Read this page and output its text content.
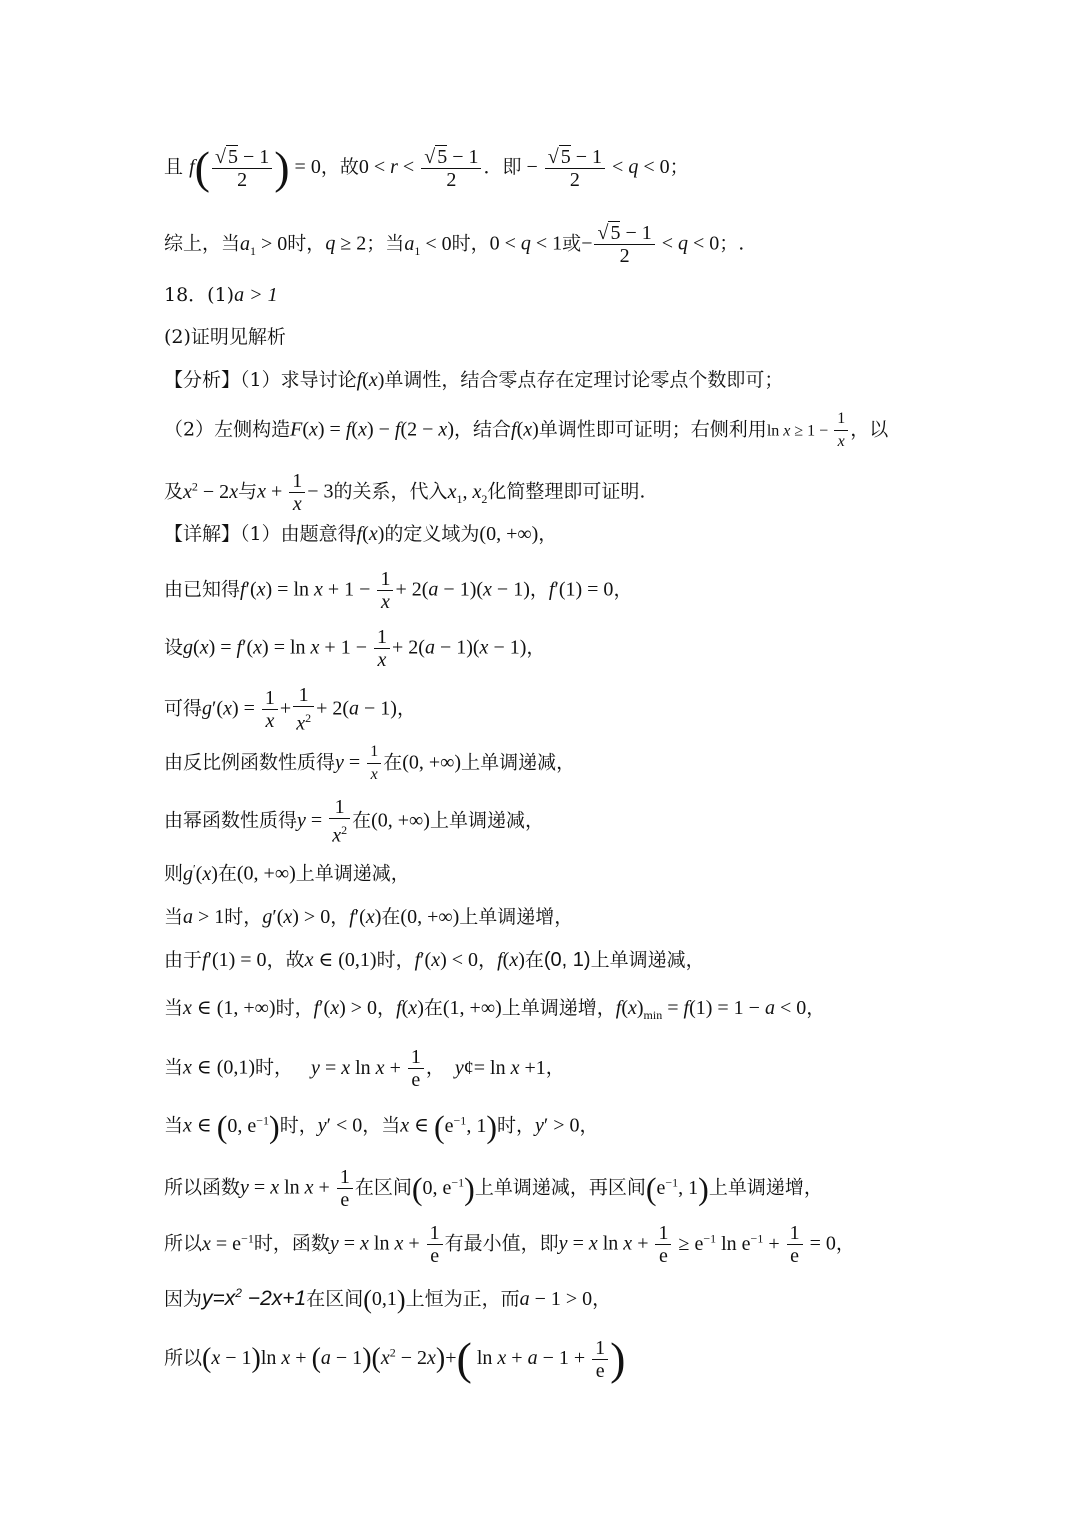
且 $f( \frac{√ 5 - 1}{2}$ ) = 0，故$0 < r < \frac{√ 5 - 1}{2}$ ．即 − $\frac{√ 5 - 1}{2} < q < 0$；
综上，当$a_1 > 0$时，q ≥ 2；当$a_1 < 0$时，0 < q < 1或− $\frac{√ 5 - 1}{2} < q < 0$；.
18．(1)a > 1
(2)证明见解析
【分析】（1）求导讨论f(x)单调性，结合零点存在定理讨论零点个数即可；
（2）左侧构造F(x) = f(x) − f(2 − x)，结合f(x)单调性即可证明；右侧利用$\ln x \ge 1 - \frac{1}{x}$ ，以
及$x^2 - 2x$与$x + \frac{1}{x} - 3$的关系，代入$x_1$, $x_2$化简整理即可证明.
【详解】（1）由题意得f(x)的定义域为(0, +∞)，
由已知得$f'(x) = \ln x + 1 - \frac{1}{x} + 2(a - 1)(x - 1)$，f′(1) = 0，
设$g(x) = f'(x) = \ln x + 1 - \frac{1}{x} + 2(a - 1)(x - 1)$，
可得$g'(x) = \frac{1}{x} + \frac{1}{x^2} + 2(a - 1)$，
由反比例函数性质得$y = \frac{1}{x}$ 在(0, +∞)上单调递减，
由幂函数性质得$y = \frac{1}{x^2}$ 在(0, +∞)上单调递减，
则g′(x)在(0, +∞)上单调递减，
当a > 1时，g′(x) > 0，f′(x)在(0, +∞)上单调递增，
由于f′(1) = 0，故x ∈ (0,1)时，f′(x) < 0，f(x)在(0, 1)上单调递减，
当x ∈ (1, +∞)时，f′(x) > 0，f(x)在(1, +∞)上单调递增，$f(x)_{min} = f(1) = 1 - a < 0$，
当x ∈ (0,1)时， y = x $\ln x + \frac{1}{e}$ ， y¢= ln x +1，
当x ∈ (0, $e^{-1}$)时，y′ < 0，当x ∈ ($e^{-1}$, 1)时，y′ > 0，
所以函数y = x $\ln x + \frac{1}{e}$ 在区间(0, $e^{-1}$)上单调递减，再区间($e^{-1}$, 1)上单调递增，
所以$x = e^{-1}$时，函数y = x $\ln x + \frac{1}{e}$ 有最小值，即y = x $\ln x + \frac{1}{e} \ge e^{-1}$ $\ln e^{-1} + \frac{1}{e} = 0$，
因为$y=x^2 -2x+1$在区间(0,1)上恒为正，而a − 1 > 0，
所以(x − 1)ln $x + (a - 1)(x^2 - 2x)+$( $\ln x + a - 1 + \frac{1}{e}$ )
